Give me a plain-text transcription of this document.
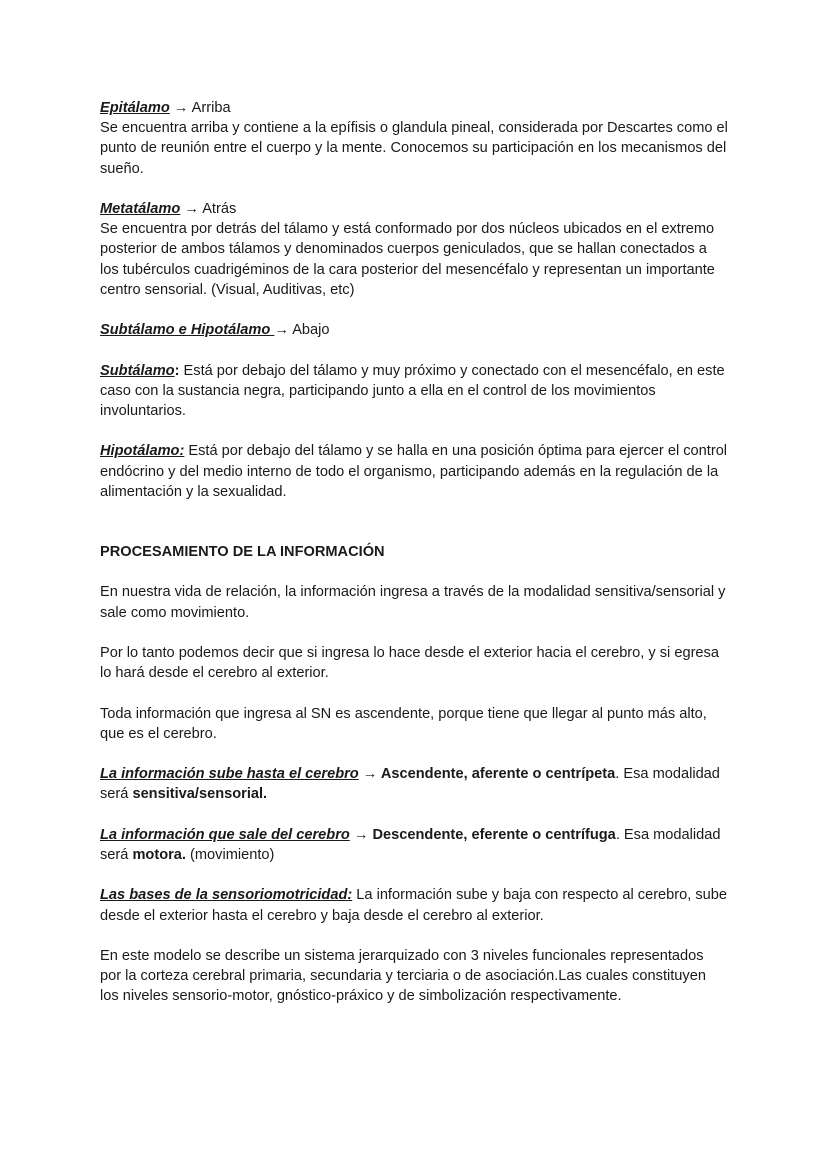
Epitálamo → Arriba

Se encuentra arriba y contiene a la epífisis o glandula pineal, considerada por Descartes como el punto de reunión entre el cuerpo y la mente. Conocemos su participación en los mecanismos del sueño.

Metatálamo → Atrás

Se encuentra por detrás del tálamo y está conformado por dos núcleos ubicados en el extremo posterior de ambos tálamos y denominados cuerpos geniculados, que se hallan conectados a los tubérculos cuadrigéminos de la cara posterior del mesencéfalo y representan un importante centro sensorial. (Visual, Auditivas, etc)

Subtálamo e Hipotálamo → Abajo

Subtálamo: Está por debajo del tálamo y muy próximo y conectado con el mesencéfalo, en este caso con la sustancia negra, participando junto a ella en el control de los movimientos involuntarios.

Hipotálamo: Está por debajo del tálamo y se halla en una posición óptima para ejercer el control endócrino y del medio interno de todo el organismo, participando además en la regulación de la alimentación y la sexualidad.

PROCESAMIENTO DE LA INFORMACIÓN

En nuestra vida de relación, la información ingresa a través de la modalidad sensitiva/sensorial y sale como movimiento.

Por lo tanto podemos decir que si ingresa lo hace desde el exterior hacia el cerebro, y si egresa lo hará desde el cerebro al exterior.

Toda información que ingresa al SN es ascendente, porque tiene que llegar al punto más alto, que es el cerebro.

La información sube hasta el cerebro → Ascendente, aferente o centrípeta. Esa modalidad será sensitiva/sensorial.

La información que sale del cerebro → Descendente, eferente o centrífuga. Esa modalidad será motora. (movimiento)

Las bases de la sensoriomotricidad: La información sube y baja con respecto al cerebro, sube desde el exterior hasta el cerebro y baja desde el cerebro al exterior.

En este modelo se describe un sistema jerarquizado con 3 niveles funcionales representados por la corteza cerebral primaria, secundaria y terciaria o de asociación.Las cuales constituyen los niveles sensorio-motor, gnóstico-práxico y de simbolización respectivamente.
